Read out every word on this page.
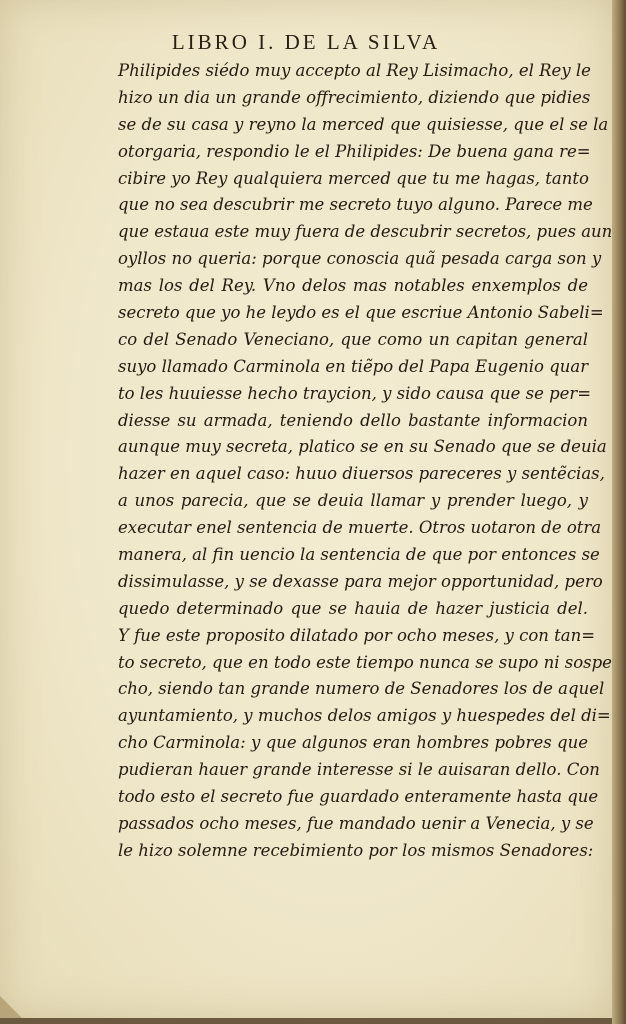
LIBRO I. DE LA SILVA
Philipides siédo muy accepto al Rey Lisimacho, el Rey le
hizo un dia un grande offrecimiento, diziendo que pidies
se de su casa y reyno la merced que quisiesse, que el se la
otorgaria, respondio le el Philipides: De buena gana re=
cibire yo Rey qualquiera merced que tu me hagas, tanto
que no sea descubrir me secreto tuyo alguno. Parece me
que estaua este muy fuera de descubrir secretos, pues aun
oyllos no queria: porque conoscia quã pesada carga son y
mas los del Rey. Vno delos mas notables enxemplos de
secreto que yo he leydo es el que escriue Antonio Sabeli=
co del Senado Veneciano, que como un capitan general
suyo llamado Carminola en tiẽpo del Papa Eugenio quar
to les huuiesse hecho traycion, y sido causa que se per=
diesse su armada, teniendo dello bastante informacion
aunque muy secreta, platico se en su Senado que se deuia
hazer en aquel caso: huuo diuersos pareceres y sentẽcias,
a unos parecia, que se deuia llamar y prender luego, y
executar enel sentencia de muerte. Otros uotaron de otra
manera, al fin uencio la sentencia de que por entonces se
dissimulasse, y se dexasse para mejor opportunidad, pero
quedo determinado que se hauia de hazer justicia del.
Y fue este proposito dilatado por ocho meses, y con tan=
to secreto, que en todo este tiempo nunca se supo ni sospe
cho, siendo tan grande numero de Senadores los de aquel
ayuntamiento, y muchos delos amigos y huespedes del di=
cho Carminola: y que algunos eran hombres pobres que
pudieran hauer grande interesse si le auisaran dello. Con
todo esto el secreto fue guardado enteramente hasta que
passados ocho meses, fue mandado uenir a Venecia, y se
le hizo solemne recebimiento por los mismos Senadores:
